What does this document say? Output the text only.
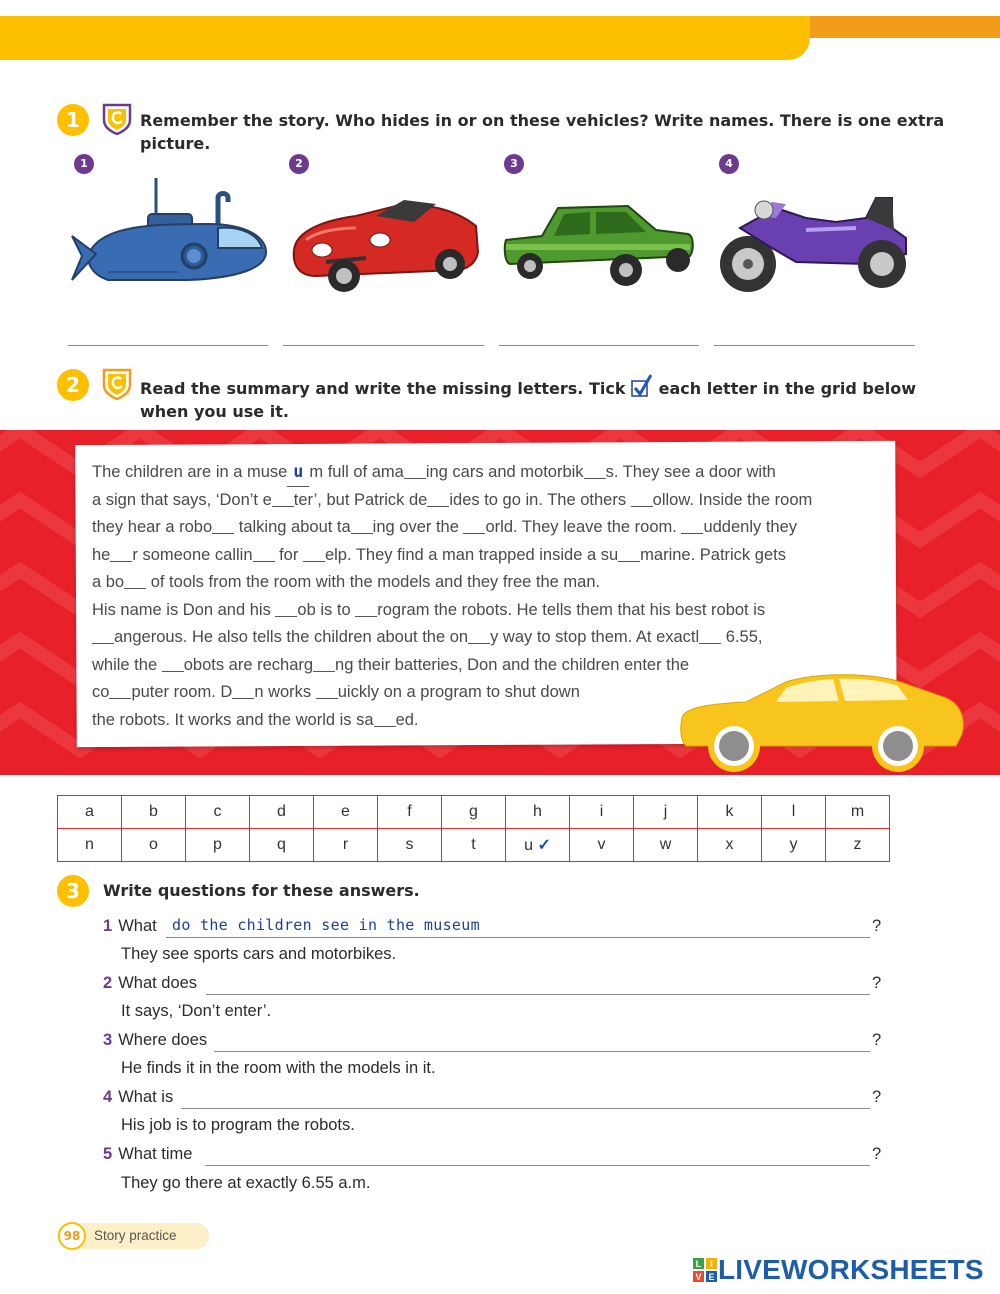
1	Remember the story. Who hides in or on these vehicles? Write names. There is one extra picture.
1	2	3	4
2	Read the summary and write the missing letters. Tick each letter in the grid below
when you use it.

The children are in a muse u m full of ama ing cars and motorbik s. They see a door with

a sign that says, ‘Don’t e ter’, but Patrick de ides to go in. The others ollow. Inside the room

they hear a robo talking about ta ing over the orld. They leave the room. uddenly they

he r someone callin for elp. They find a man trapped inside a su marine. Patrick gets

a bo of tools from the room with the models and they free the man.

His name is Don and his ob is to rogram the robots. He tells them that his best robot is

angerous. He also tells the children about the on y way to stop them. At exactl 6.55,

while the obots are recharg ng their batteries, Don and the children enter the

co puter room. D n works uickly on a program to shut down

the robots. It works and the world is sa ed.

a	b	c	d	e	f	g	h	i	j	k	l	m
n	o	p	q	r	s	t	u ✓	v	w	x	y	z
3	Write questions for these answers.
1 What do the children see in the museum	?
They see sports cars and motorbikes.
2 What does	?
It says, ‘Don’t enter’.
3 Where does	?
He finds it in the room with the models in it.
4 What is	?
His job is to program the robots.
5 What time	?
They go there at exactly 6.55 a.m.
98	Story practice
L I
V E LIVEWORKSHEETS
